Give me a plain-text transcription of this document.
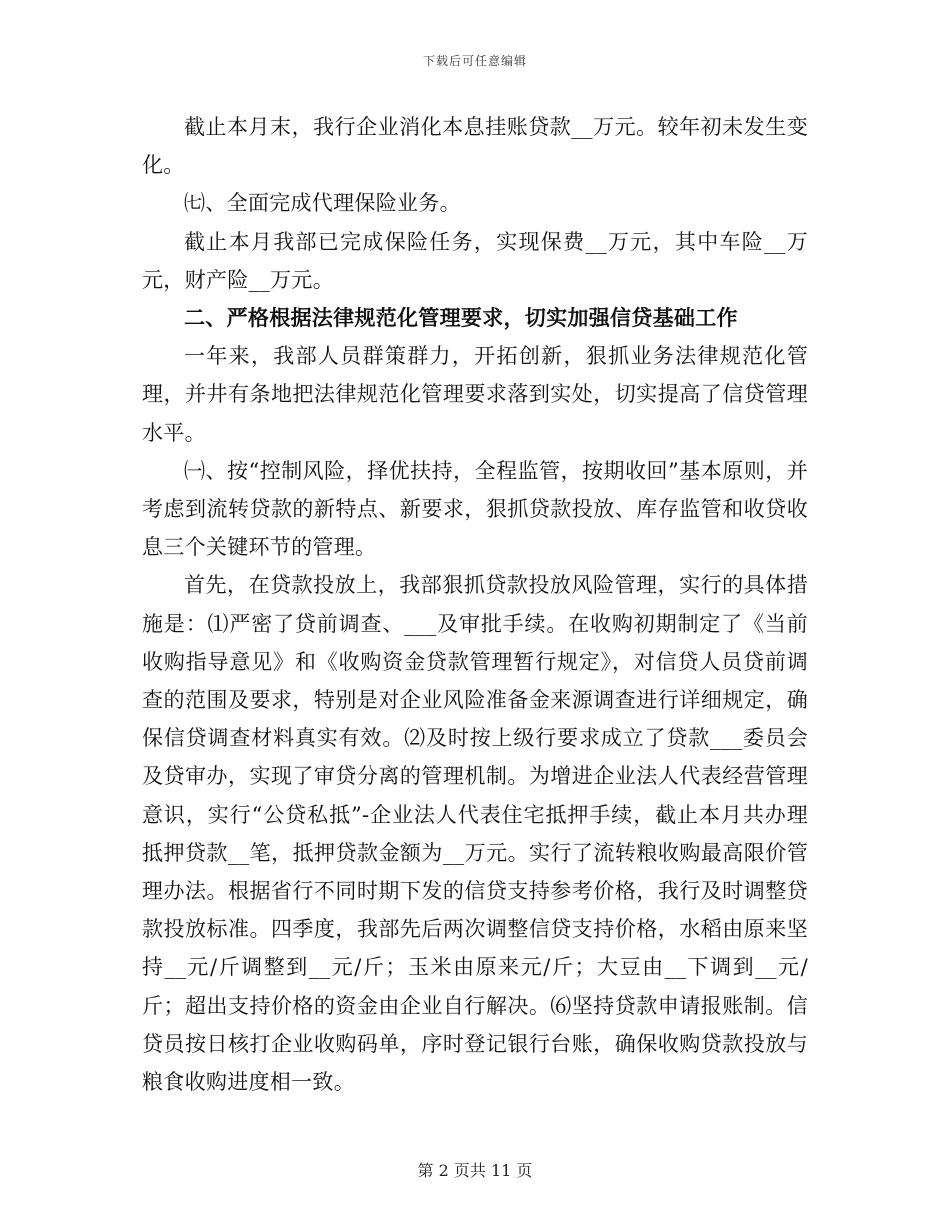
下载后可任意编辑

截止本月末，我行企业消化本息挂账贷款__万元。较年初未发生变化。

㈦、全面完成代理保险业务。

截止本月我部已完成保险任务，实现保费__万元，其中车险__万元，财产险__万元。

二、严格根据法律规范化管理要求，切实加强信贷基础工作

一年来，我部人员群策群力，开拓创新，狠抓业务法律规范化管理，并井有条地把法律规范化管理要求落到实处，切实提高了信贷管理水平。

㈠、按“控制风险，择优扶持，全程监管，按期收回”基本原则，并考虑到流转贷款的新特点、新要求，狠抓贷款投放、库存监管和收贷收息三个关键环节的管理。

首先，在贷款投放上，我部狠抓贷款投放风险管理，实行的具体措施是：⑴严密了贷前调查、___及审批手续。在收购初期制定了《当前收购指导意见》和《收购资金贷款管理暂行规定》，对信贷人员贷前调查的范围及要求，特别是对企业风险准备金来源调查进行详细规定，确保信贷调查材料真实有效。⑵及时按上级行要求成立了贷款___委员会及贷审办，实现了审贷分离的管理机制。为增进企业法人代表经营管理意识，实行“公贷私抵”-企业法人代表住宅抵押手续，截止本月共办理抵押贷款__笔，抵押贷款金额为__万元。实行了流转粮收购最高限价管理办法。根据省行不同时期下发的信贷支持参考价格，我行及时调整贷款投放标准。四季度，我部先后两次调整信贷支持价格，水稻由原来坚持__元/斤调整到__元/斤；玉米由原来元/斤；大豆由__下调到__元/斤；超出支持价格的资金由企业自行解决。⑹坚持贷款申请报账制。信贷员按日核打企业收购码单，序时登记银行台账，确保收购贷款投放与粮食收购进度相一致。

第 2 页共 11 页
